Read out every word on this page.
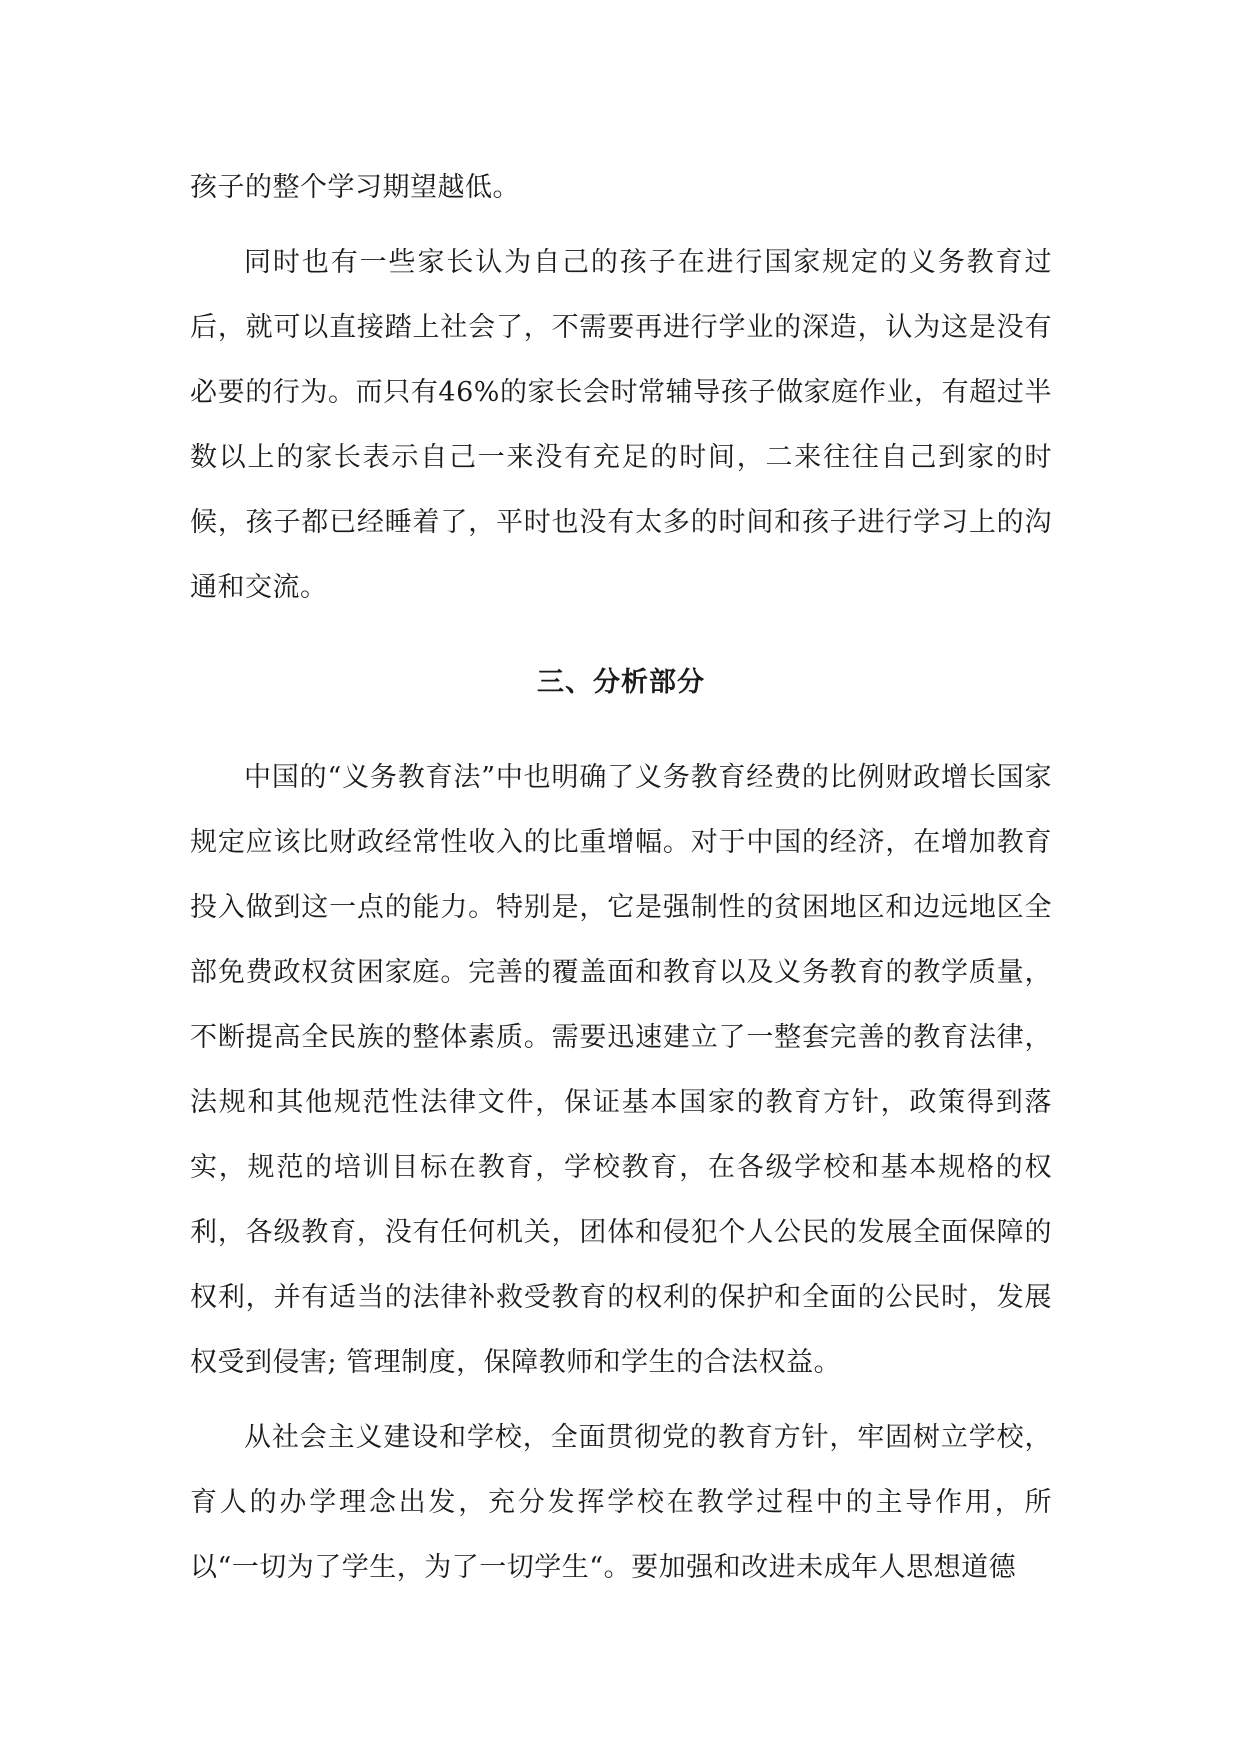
孩子的整个学习期望越低。

同时也有一些家长认为自己的孩子在进行国家规定的义务教育过后，就可以直接踏上社会了，不需要再进行学业的深造，认为这是没有必要的行为。而只有46%的家长会时常辅导孩子做家庭作业，有超过半数以上的家长表示自己一来没有充足的时间，二来往往自己到家的时候，孩子都已经睡着了，平时也没有太多的时间和孩子进行学习上的沟通和交流。

三、分析部分

中国的“义务教育法”中也明确了义务教育经费的比例财政增长国家规定应该比财政经常性收入的比重增幅。对于中国的经济，在增加教育投入做到这一点的能力。特别是，它是强制性的贫困地区和边远地区全部免费政权贫困家庭。完善的覆盖面和教育以及义务教育的教学质量，不断提高全民族的整体素质。需要迅速建立了一整套完善的教育法律，法规和其他规范性法律文件，保证基本国家的教育方针，政策得到落实，规范的培训目标在教育，学校教育，在各级学校和基本规格的权利，各级教育，没有任何机关，团体和侵犯个人公民的发展全面保障的权利，并有适当的法律补救受教育的权利的保护和全面的公民时，发展权受到侵害; 管理制度，保障教师和学生的合法权益。

从社会主义建设和学校，全面贯彻党的教育方针，牢固树立学校，育人的办学理念出发，充分发挥学校在教学过程中的主导作用，所以“一切为了学生，为了一切学生“。要加强和改进未成年人思想道德
